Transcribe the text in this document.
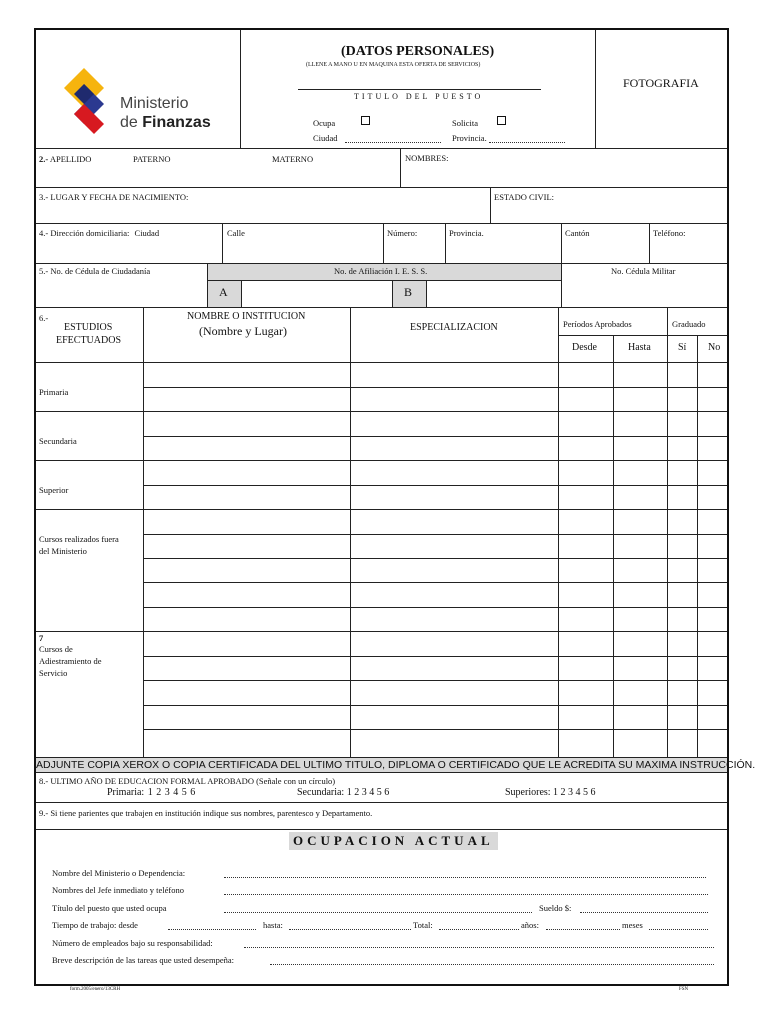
Ministerio
de Finanzas
(DATOS PERSONALES)
(LLENE A MANO U EN MAQUINA ESTA OFERTA DE SERVICIOS)
TITULO DEL PUESTO
Ocupa	Solicita
Ciudad	Provincia.
FOTOGRAFIA
2.- APELLIDO	PATERNO	MATERNO	NOMBRES:
3.- LUGAR Y FECHA DE NACIMIENTO:	ESTADO CIVIL:
4.- Dirección domiciliaria: Ciudad	Calle	Número:	Provincia.	Cantón	Teléfono:
5.- No. de Cédula de Ciudadanía	No. de Afiliación I. E. S. S.
A	B
No. Cédula Militar
6.-
ESTUDIOS
EFECTUADOS
NOMBRE O INSTITUCION
(Nombre y Lugar)	ESPECIALIZACION	Períodos Aprobados	Graduado
Desde	Hasta	Sí No
Primaria
Secundaria
Superior
Cursos realizados fuera
del Ministerio
7
Cursos de
Adiestramiento de
Servicio
ADJUNTE COPIA XEROX O COPIA CERTIFICADA DEL ULTIMO TITULO, DIPLOMA O CERTIFICADO QUE LE ACREDITA SU MAXIMA INSTRUCCIÓN.
8.- ULTIMO AÑO DE EDUCACION FORMAL APROBADO (Señale con un círculo)
Primaria: 1 2 3 4 5 6	Secundaria: 1 2 3 4 5 6	Superiores: 1 2 3 4 5 6
9.- Si tiene parientes que trabajen en institución indique sus nombres, parentesco y Departamento.
OCUPACION ACTUAL
Nombre del Ministerio o Dependencia:
Nombres del Jefe inmediato y teléfono
Título del puesto que usted ocupa	Sueldo $:
Tiempo de trabajo: desde	hasta:	Total:	años:	meses
Número de empleados bajo su responsabilidad:
Breve descripción de las tareas que usted desempeña:
form.2005/enero/13CRH	FSN
